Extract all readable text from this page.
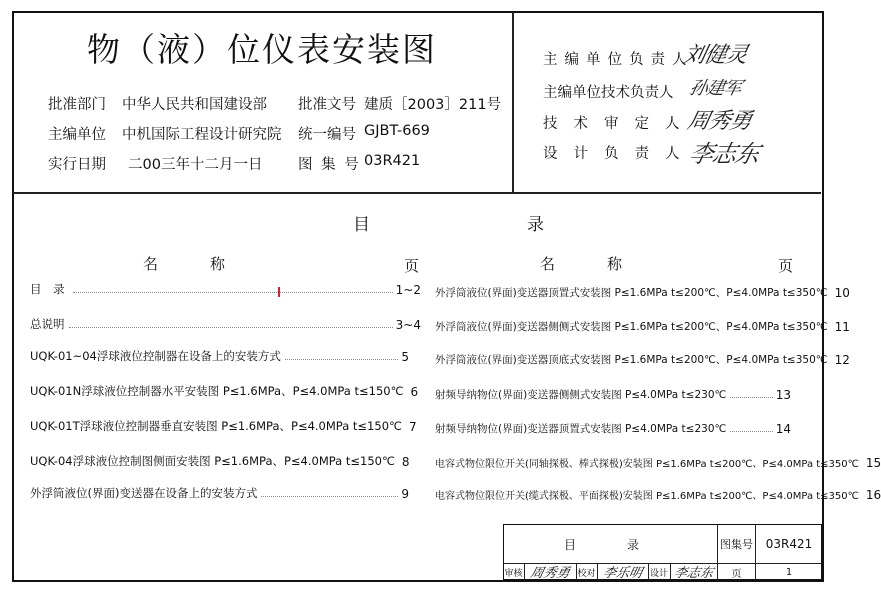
物（液）位仪表安装图
批准部门 中华人民共和国建设部
主编单位 中机国际工程设计研究院
实行日期 二00三年十二月一日
批准文号 建质［2003］211号
统一编号 GJBT-669
图 集 号 03R421
主编单位负责人
刘健灵
主编单位技术负责人 孙建军
技术审定人
周秀勇
设计负责人
李志东
目	录
名	称	页	名	称	页
目 录	1~2
总说明	3~4
UQK-01~04浮球液位控制器在设备上的安装方式	5
UQK-01N浮球液位控制器水平安装图 P≤1.6MPa、P≤4.0MPa t≤150℃ 6
UQK-01T浮球液位控制器垂直安装图 P≤1.6MPa、P≤4.0MPa t≤150℃ 7
UQK-04浮球液位控制图侧面安装图 P≤1.6MPa、P≤4.0MPa t≤150℃ 8
外浮筒液位(界面)变送器在设备上的安装方式	9
外浮筒液位(界面)变送器顶置式安装图 P≤1.6MPa t≤200℃、P≤4.0MPa t≤350℃ 10
外浮筒液位(界面)变送器侧侧式安装图 P≤1.6MPa t≤200℃、P≤4.0MPa t≤350℃ 11
外浮筒液位(界面)变送器顶底式安装图 P≤1.6MPa t≤200℃、P≤4.0MPa t≤350℃ 12
射频导纳物位(界面)变送器侧侧式安装图 P≤4.0MPa t≤230℃	13
射频导纳物位(界面)变送器顶置式安装图 P≤4.0MPa t≤230℃	14
电容式物位限位开关(同轴探极、棒式探极)安装图 P≤1.6MPa t≤200℃、P≤4.0MPa t≤350℃ 15
电容式物位限位开关(缆式探极、平面探极)安装图 P≤1.6MPa t≤200℃、P≤4.0MPa t≤350℃ 16
目	录	图集号	03R421
页	1
审核 周秀勇 校对 李乐明 设计 李志东
